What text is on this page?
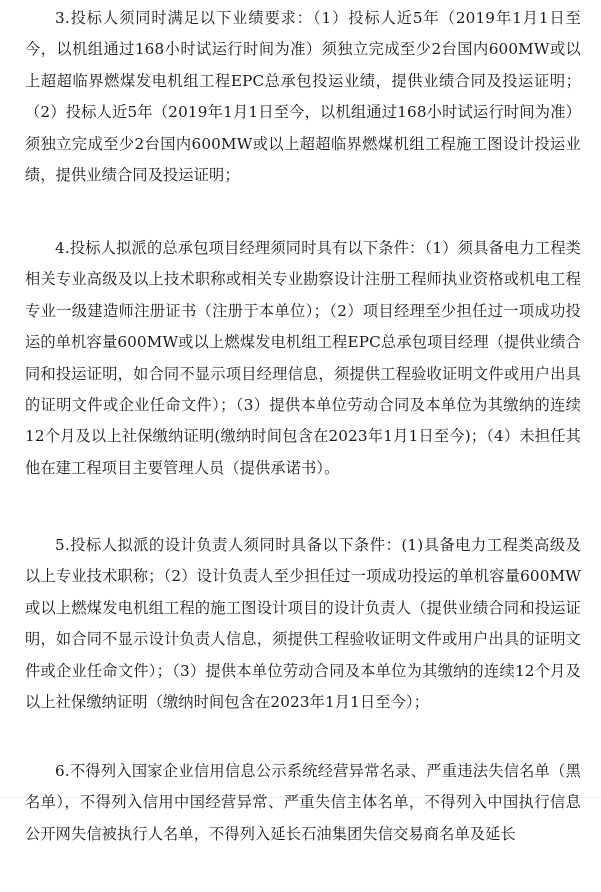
3.投标人须同时满足以下业绩要求：（1）投标人近5年（2019年1月1日至今，以机组通过168小时试运行时间为准）须独立完成至少2台国内600MW或以上超超临界燃煤发电机组工程EPC总承包投运业绩，提供业绩合同及投运证明；（2）投标人近5年（2019年1月1日至今，以机组通过168小时试运行时间为准）须独立完成至少2台国内600MW或以上超超临界燃煤机组工程施工图设计投运业绩，提供业绩合同及投运证明；

4.投标人拟派的总承包项目经理须同时具有以下条件：（1）须具备电力工程类相关专业高级及以上技术职称或相关专业勘察设计注册工程师执业资格或机电工程专业一级建造师注册证书（注册于本单位）；（2）项目经理至少担任过一项成功投运的单机容量600MW或以上燃煤发电机组工程EPC总承包项目经理（提供业绩合同和投运证明，如合同不显示项目经理信息，须提供工程验收证明文件或用户出具的证明文件或企业任命文件）；（3）提供本单位劳动合同及本单位为其缴纳的连续12个月及以上社保缴纳证明(缴纳时间包含在2023年1月1日至今)；（4）未担任其他在建工程项目主要管理人员（提供承诺书）。

5.投标人拟派的设计负责人须同时具备以下条件：(1)具备电力工程类高级及以上专业技术职称；（2）设计负责人至少担任过一项成功投运的单机容量600MW或以上燃煤发电机组工程的施工图设计项目的设计负责人（提供业绩合同和投运证明，如合同不显示设计负责人信息，须提供工程验收证明文件或用户出具的证明文件或企业任命文件）；（3）提供本单位劳动合同及本单位为其缴纳的连续12个月及以上社保缴纳证明（缴纳时间包含在2023年1月1日至今）；

6.不得列入国家企业信用信息公示系统经营异常名录、严重违法失信名单（黑名单），不得列入信用中国经营异常、严重失信主体名单，不得列入中国执行信息公开网失信被执行人名单，不得列入延长石油集团失信交易商名单及延长
